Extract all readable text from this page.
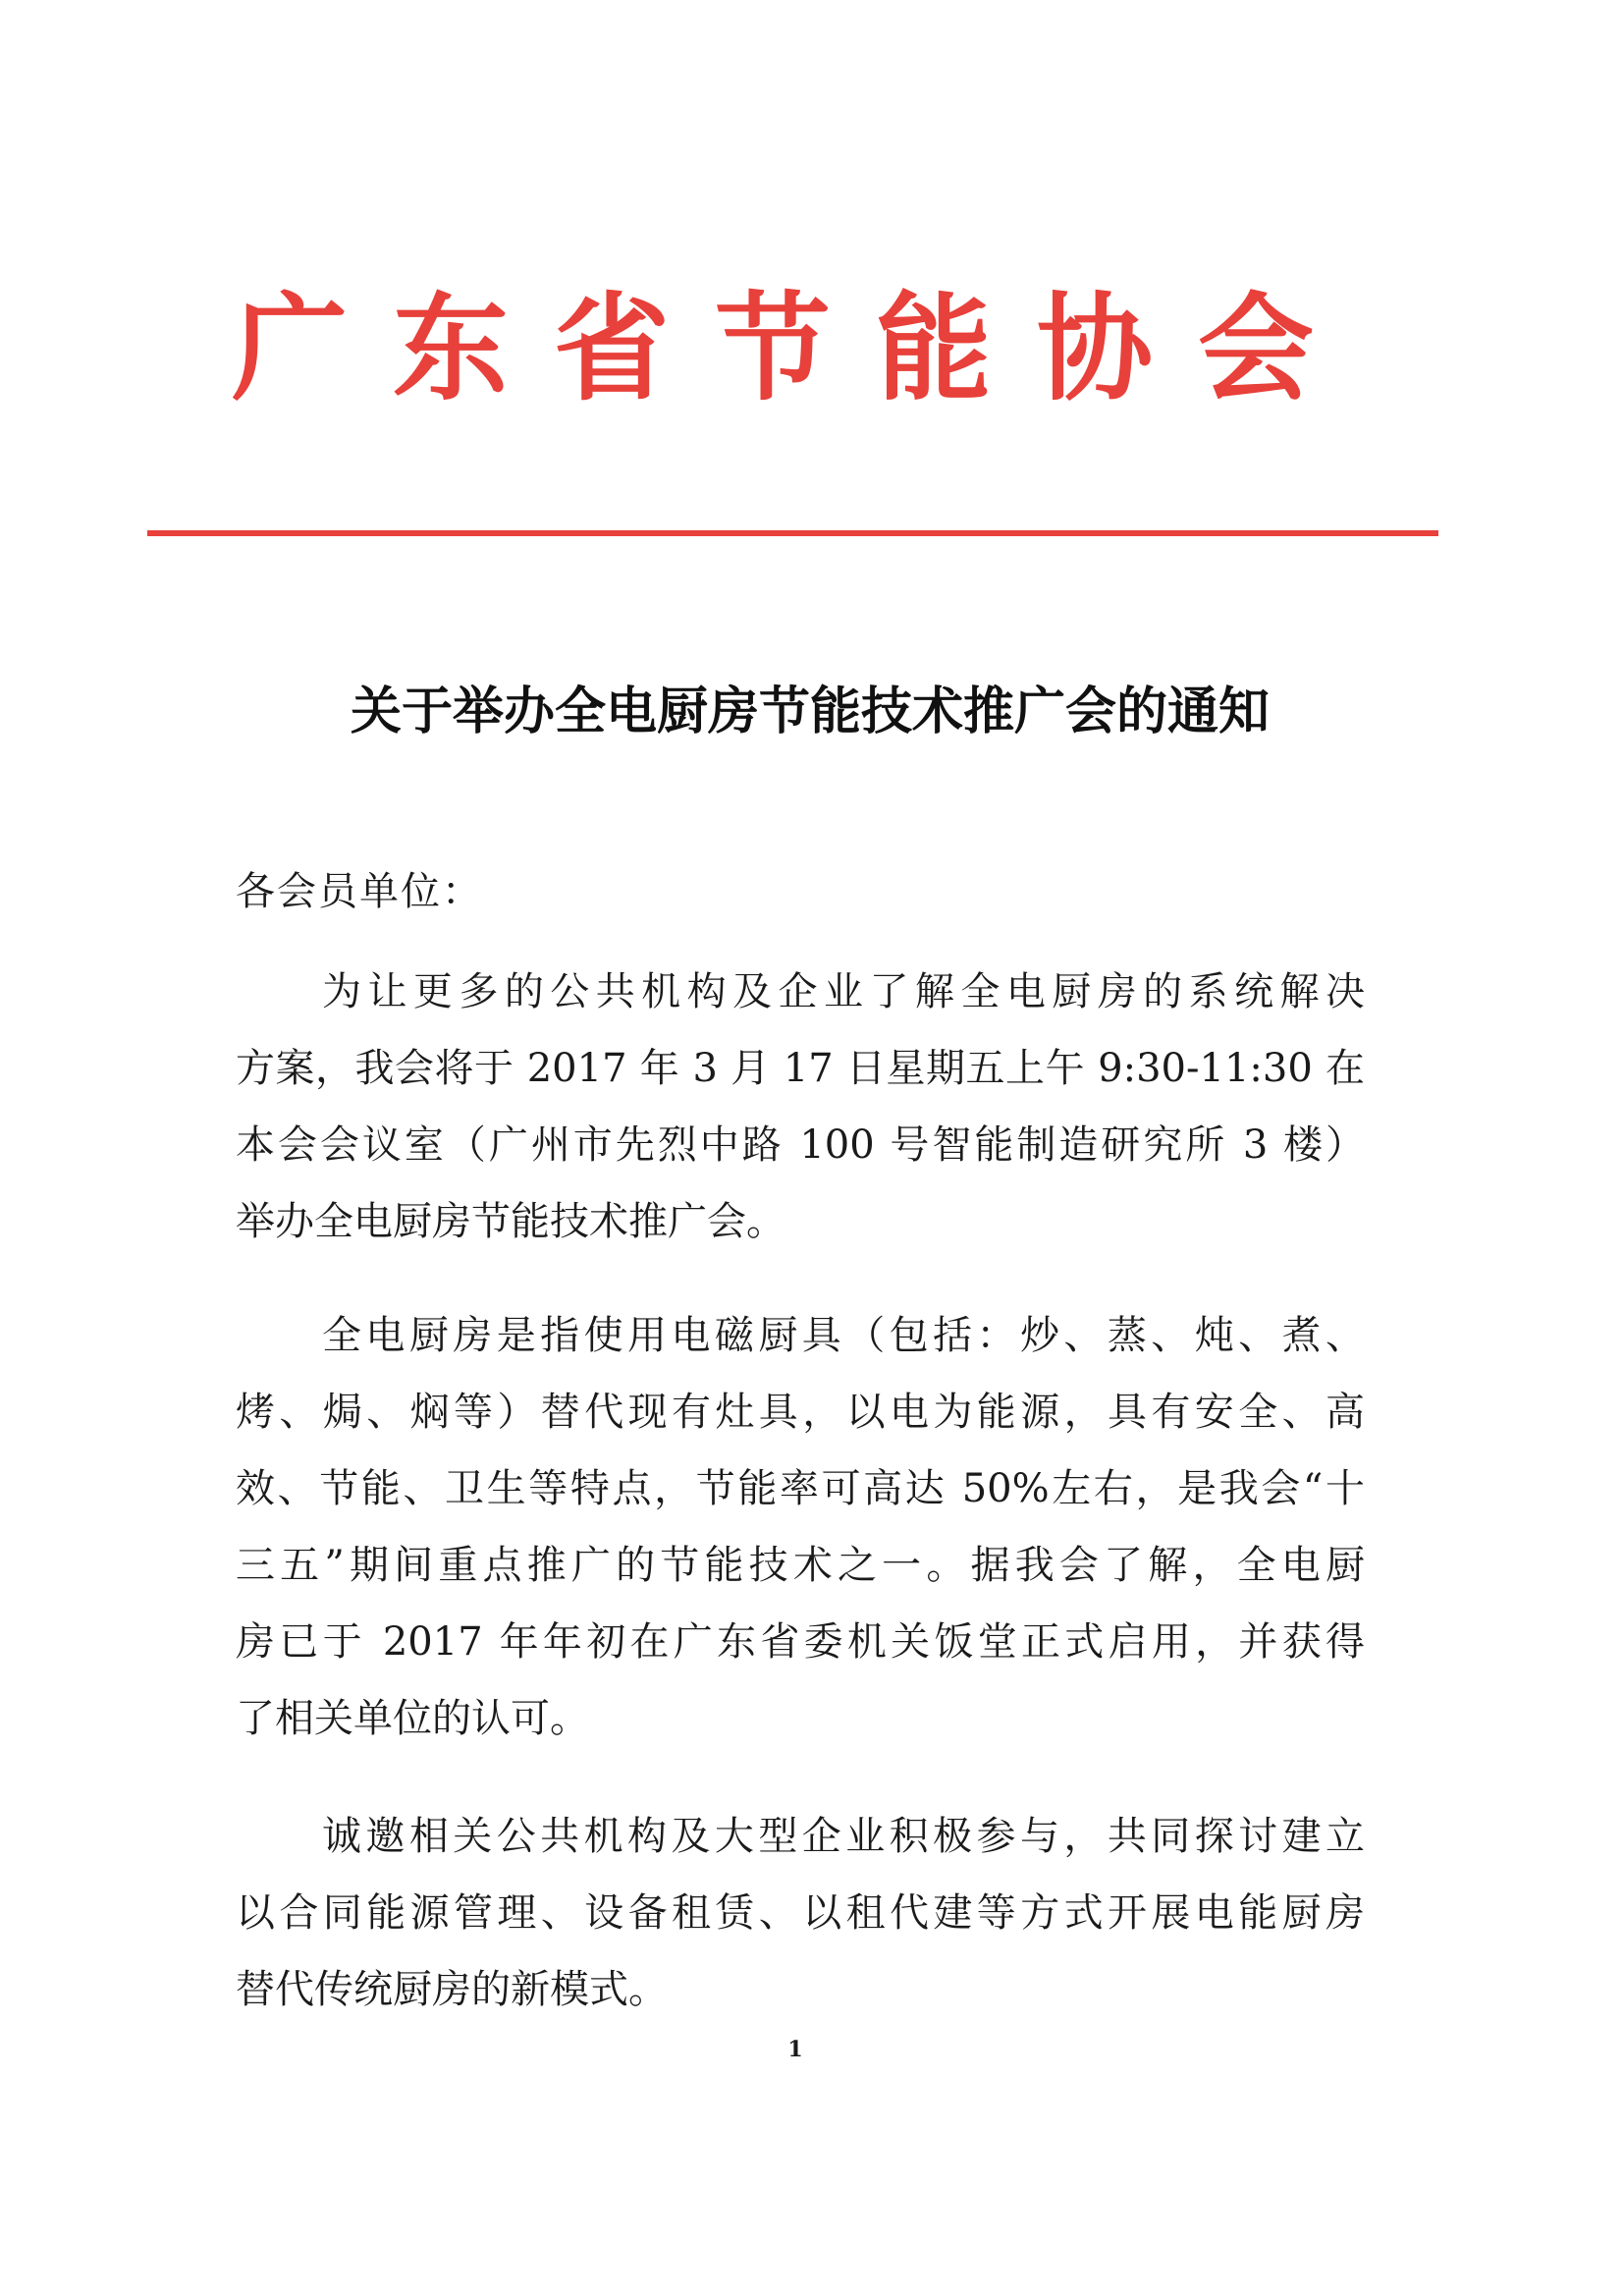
广东省节能协会
关于举办全电厨房节能技术推广会的通知
各会员单位：
为让更多的公共机构及企业了解全电厨房的系统解决
方案，我会将于 2017 年 3 月 17 日星期五上午 9:30-11:30 在
本会会议室（广州市先烈中路 100 号智能制造研究所 3 楼）
举办全电厨房节能技术推广会。
全电厨房是指使用电磁厨具（包括：炒、蒸、炖、煮、
烤、焗、焖等）替代现有灶具，以电为能源，具有安全、高
效、节能、卫生等特点，节能率可高达 50%左右，是我会“十
三五”期间重点推广的节能技术之一。据我会了解，全电厨
房已于 2017 年年初在广东省委机关饭堂正式启用，并获得
了相关单位的认可。
诚邀相关公共机构及大型企业积极参与，共同探讨建立
以合同能源管理、设备租赁、以租代建等方式开展电能厨房
替代传统厨房的新模式。
1
